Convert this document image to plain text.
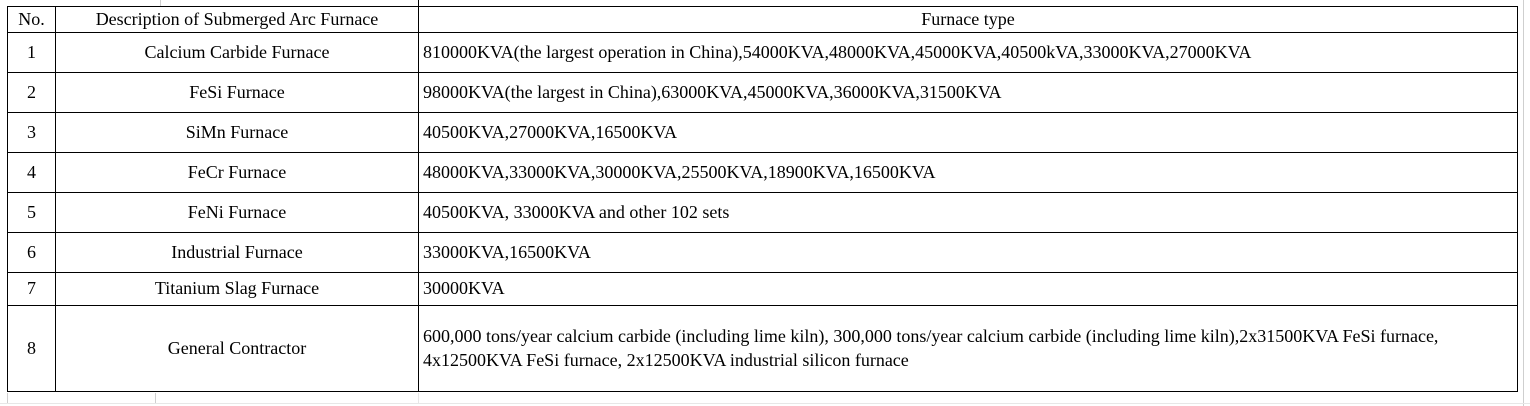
No.	Description of Submerged Arc Furnace	Furnace type
1	Calcium Carbide Furnace	810000KVA(the largest operation in China),54000KVA,48000KVA,45000KVA,40500kVA,33000KVA,27000KVA
2	FeSi Furnace	98000KVA(the largest in China),63000KVA,45000KVA,36000KVA,31500KVA
3	SiMn Furnace	40500KVA,27000KVA,16500KVA
4	FeCr Furnace	48000KVA,33000KVA,30000KVA,25500KVA,18900KVA,16500KVA
5	FeNi Furnace	40500KVA, 33000KVA and other 102 sets
6	Industrial Furnace	33000KVA,16500KVA
7	Titanium Slag Furnace	30000KVA
8	General Contractor	600,000 tons/year calcium carbide (including lime kiln), 300,000 tons/year calcium carbide (including lime kiln),2x31500KVA FeSi furnace, 4x12500KVA FeSi furnace, 2x12500KVA industrial silicon furnace
